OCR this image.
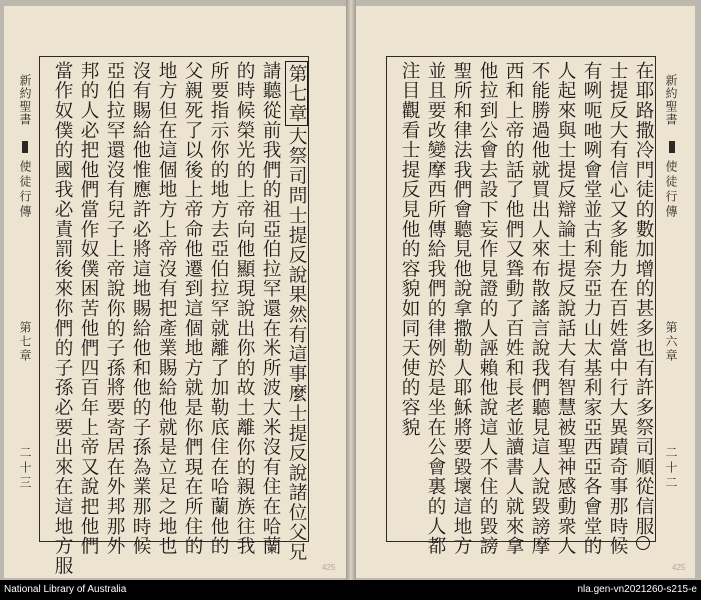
新約聖書
使徒行傳
第七章
二十三
第七章大祭司問士提反說果然有這事麼士提反說諸位父兄
請聽從前我們的祖亞伯拉罕還在米所波大米沒有住在哈蘭
的時候榮光的上帝向他顯現說出你的故土離你的親族往我
所要指示你的地方去亞伯拉罕就離了加勒底住在哈蘭他的
父親死了以後上帝命他遷到這個地方就是你們現在所住的
地方但在這個地方上帝沒有把產業賜給他就是立足之地也
沒有賜給他惟應許必將這地賜給他和他的子孫為業那時候
亞伯拉罕還沒有兒子上帝說你的子孫將要寄居在外邦那外
邦的人必把他們當作奴僕困苦他們四百年上帝又說把他們
當作奴僕的國我必責罰後來你們的子孫必要出來在這地方服	425
在耶路撒冷門徒的數加增的甚多也有許多祭司順從信服
士提反大有信心又多能力在百姓當中行大異蹟奇事那時候
有咧呃吔咧會堂並古利奈亞力山太基利家亞西亞各會堂的
人起來與士提反辯論士提反說話大有智慧被聖神感動衆人
不能勝過他就買出人來布散謠言說我們聽見這人說毀謗摩
西和上帝的話了他們又聳動了百姓和長老並讀書人就來拿
他拉到公會去設下妄作見證的人誣賴他說這人不住的毀謗
聖所和律法我們會聽見他說拿撒勒人耶穌將要毀壞這地方
並且要改變摩西所傳給我們的律例於是坐在公會裏的人都
注目觀看士提反見他的容貌如同天使的容貌	新約聖書
使徒行傳
第六章
二十二
425
National Library of Australia	nla.gen-vn2021260-s215-e
